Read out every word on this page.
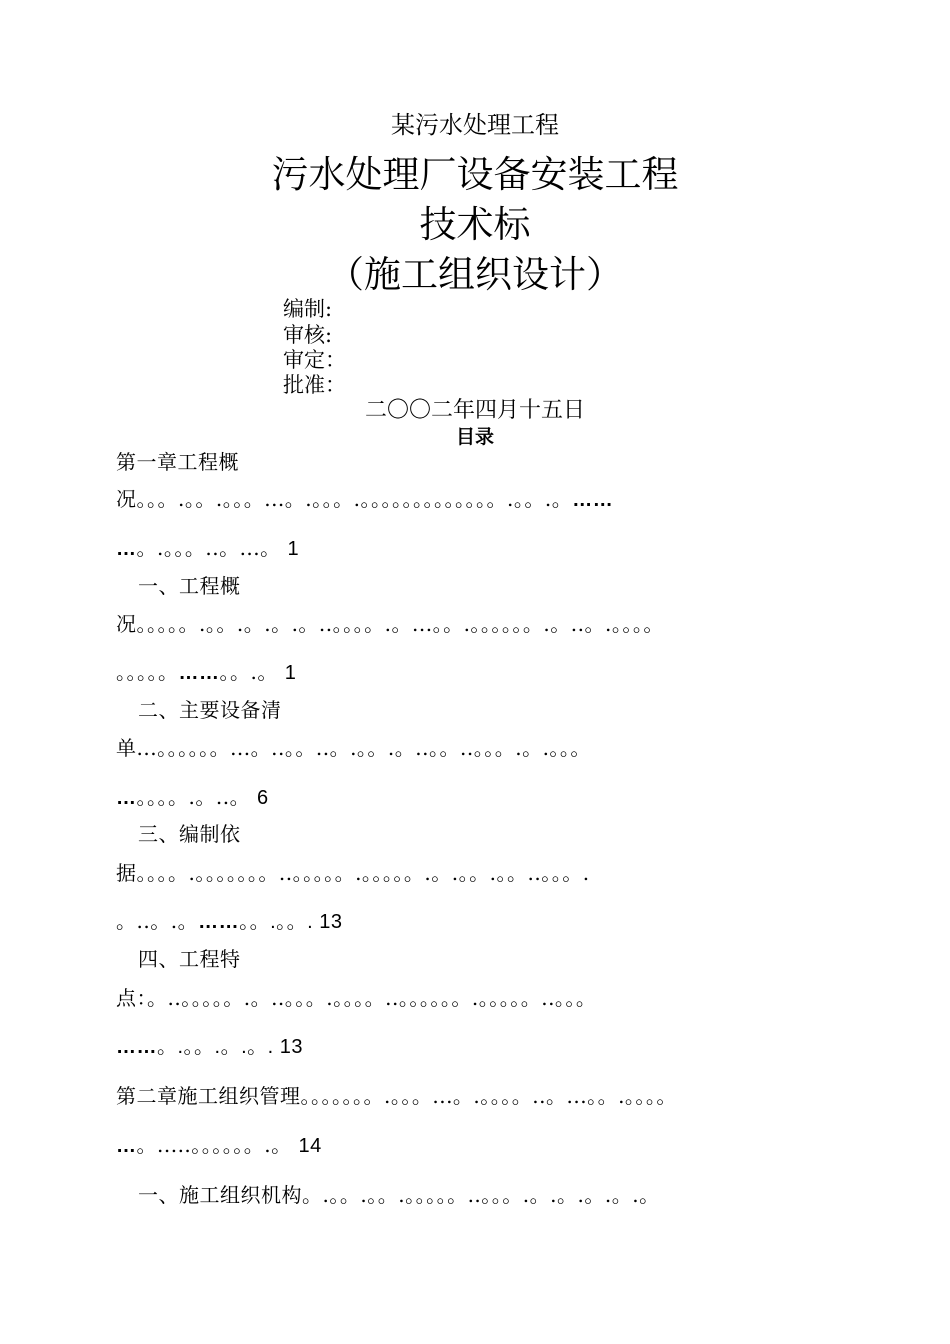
某污水处理工程
污水处理厂设备安装工程
技术标
（施工组织设计）
编制:
审核:
审定：
批准：
二〇〇二年四月十五日
目录
第一章工程概
况。。。.。。.。。。...。.。。。.。。。。。。。。。。。。。.。。.。……
…。.。。。..。...。 1
一、工程概
况。。。。。.。。.。.。.。..。。。。.。...。。.。。。。。。.。..。.。。。。
。。。。。……。。.。 1
二、主要设备清
单...。。。。。。...。..。。..。.。。.。..。。..。。。.。.。。。
…。。。。.。..。 6
三、编制依
据。。。。.。。。。。。。..。。。。。.。。。。。.。.。。.。。..。。。.
。..。.。……。。.。。. 13
四、工程特
点：。..。。。。。.。..。。。.。。。。..。。。。。。.。。。。。..。。。
……。.。。.。.。. 13
第二章施工组织管理。。。。。。。.。。。...。.。。。。..。...。。.。。。。
…。.....。。。。。。.。 14
一、施工组织机构。.。。.。。.。。。。。..。。。.。.。.。.。.。
